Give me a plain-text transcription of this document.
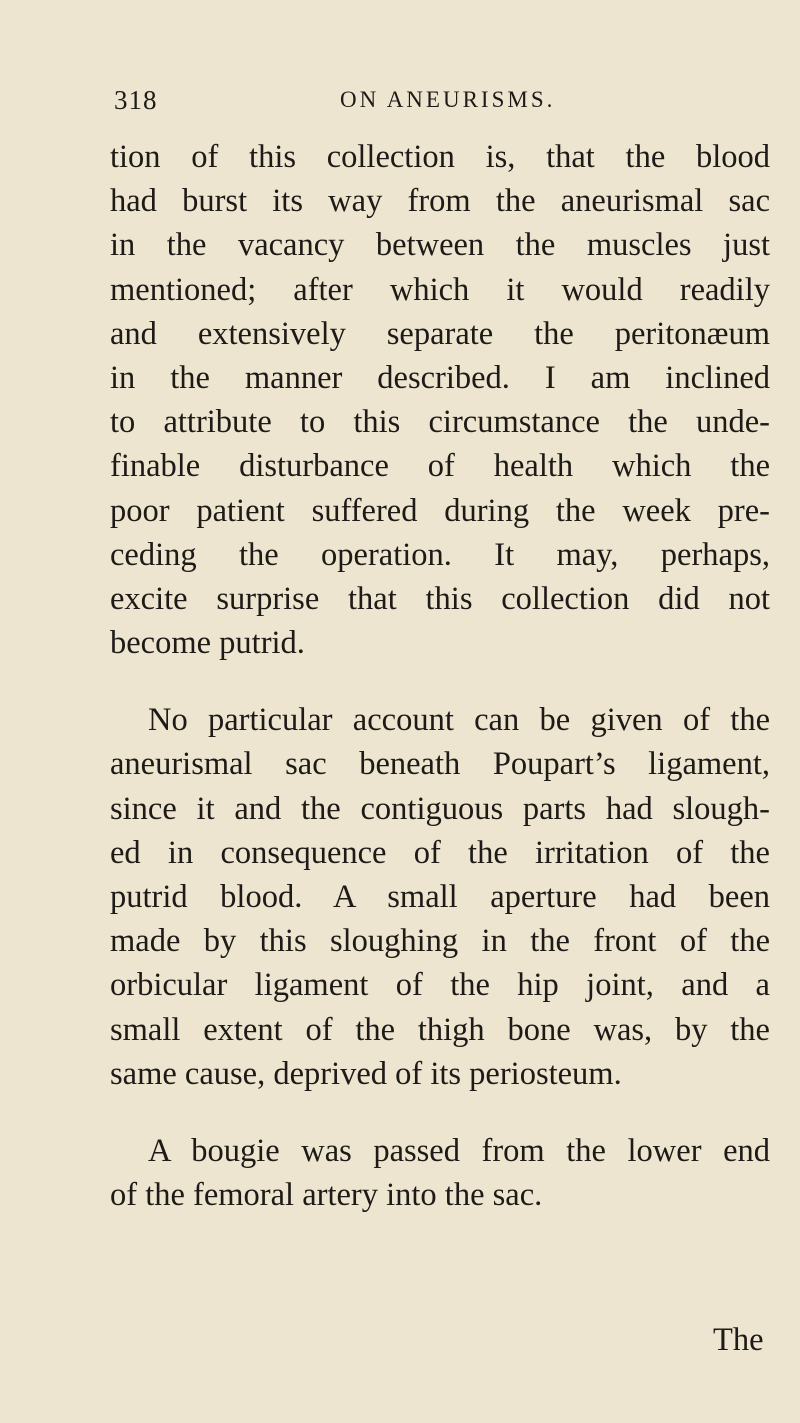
318	ON ANEURISMS.
tion of this collection is, that the blood
had burst its way from the aneurismal sac
in the vacancy between the muscles just
mentioned; after which it would readily
and extensively separate the peritonæum
in the manner described. I am inclined
to attribute to this circumstance the unde-
finable disturbance of health which the
poor patient suffered during the week pre-
ceding the operation. It may, perhaps,
excite surprise that this collection did not
become putrid.
No particular account can be given of the
aneurismal sac beneath Poupart’s ligament,
since it and the contiguous parts had slough-
ed in consequence of the irritation of the
putrid blood. A small aperture had been
made by this sloughing in the front of the
orbicular ligament of the hip joint, and a
small extent of the thigh bone was, by the
same cause, deprived of its periosteum.
A bougie was passed from the lower end
of the femoral artery into the sac.
The
